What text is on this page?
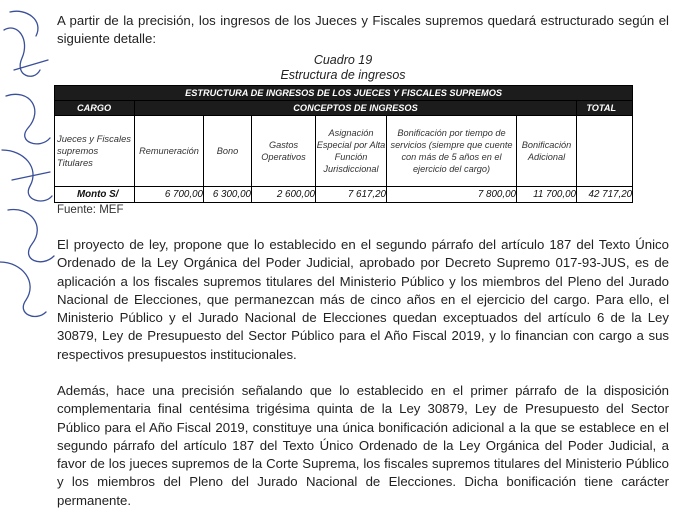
A partir de la precisión, los ingresos de los Jueces y Fiscales supremos quedará estructurado según el siguiente detalle:

Cuadro 19
Estructura de ingresos
ESTRUCTURA DE INGRESOS DE LOS JUECES Y FISCALES SUPREMOS							
CARGO	CONCEPTOS DE INGRESOS						TOTAL
Jueces y Fiscales supremos Titulares	Remuneración	Bono	Gastos Operativos	Asignación Especial por Alta Función Jurisdiccional	Bonificación por tiempo de servicios (siempre que cuente con más de 5 años en el ejercicio del cargo)	Bonificación Adicional	
Monto S/	6 700,00	6 300,00	2 600,00	7 617,20	7 800,00	11 700,00	42 717,20
Fuente: MEF

El proyecto de ley, propone que lo establecido en el segundo párrafo del artículo 187 del Texto Único Ordenado de la Ley Orgánica del Poder Judicial, aprobado por Decreto Supremo 017-93-JUS, es de aplicación a los fiscales supremos titulares del Ministerio Público y los miembros del Pleno del Jurado Nacional de Elecciones, que permanezcan más de cinco años en el ejercicio del cargo. Para ello, el Ministerio Público y el Jurado Nacional de Elecciones quedan exceptuados del artículo 6 de la Ley 30879, Ley de Presupuesto del Sector Público para el Año Fiscal 2019, y lo financian con cargo a sus respectivos presupuestos institucionales.

Además, hace una precisión señalando que lo establecido en el primer párrafo de la disposición complementaria final centésima trigésima quinta de la Ley 30879, Ley de Presupuesto del Sector Público para el Año Fiscal 2019, constituye una única bonificación adicional a la que se establece en el segundo párrafo del artículo 187 del Texto Único Ordenado de la Ley Orgánica del Poder Judicial, a favor de los jueces supremos de la Corte Suprema, los fiscales supremos titulares del Ministerio Público y los miembros del Pleno del Jurado Nacional de Elecciones. Dicha bonificación tiene carácter permanente.
